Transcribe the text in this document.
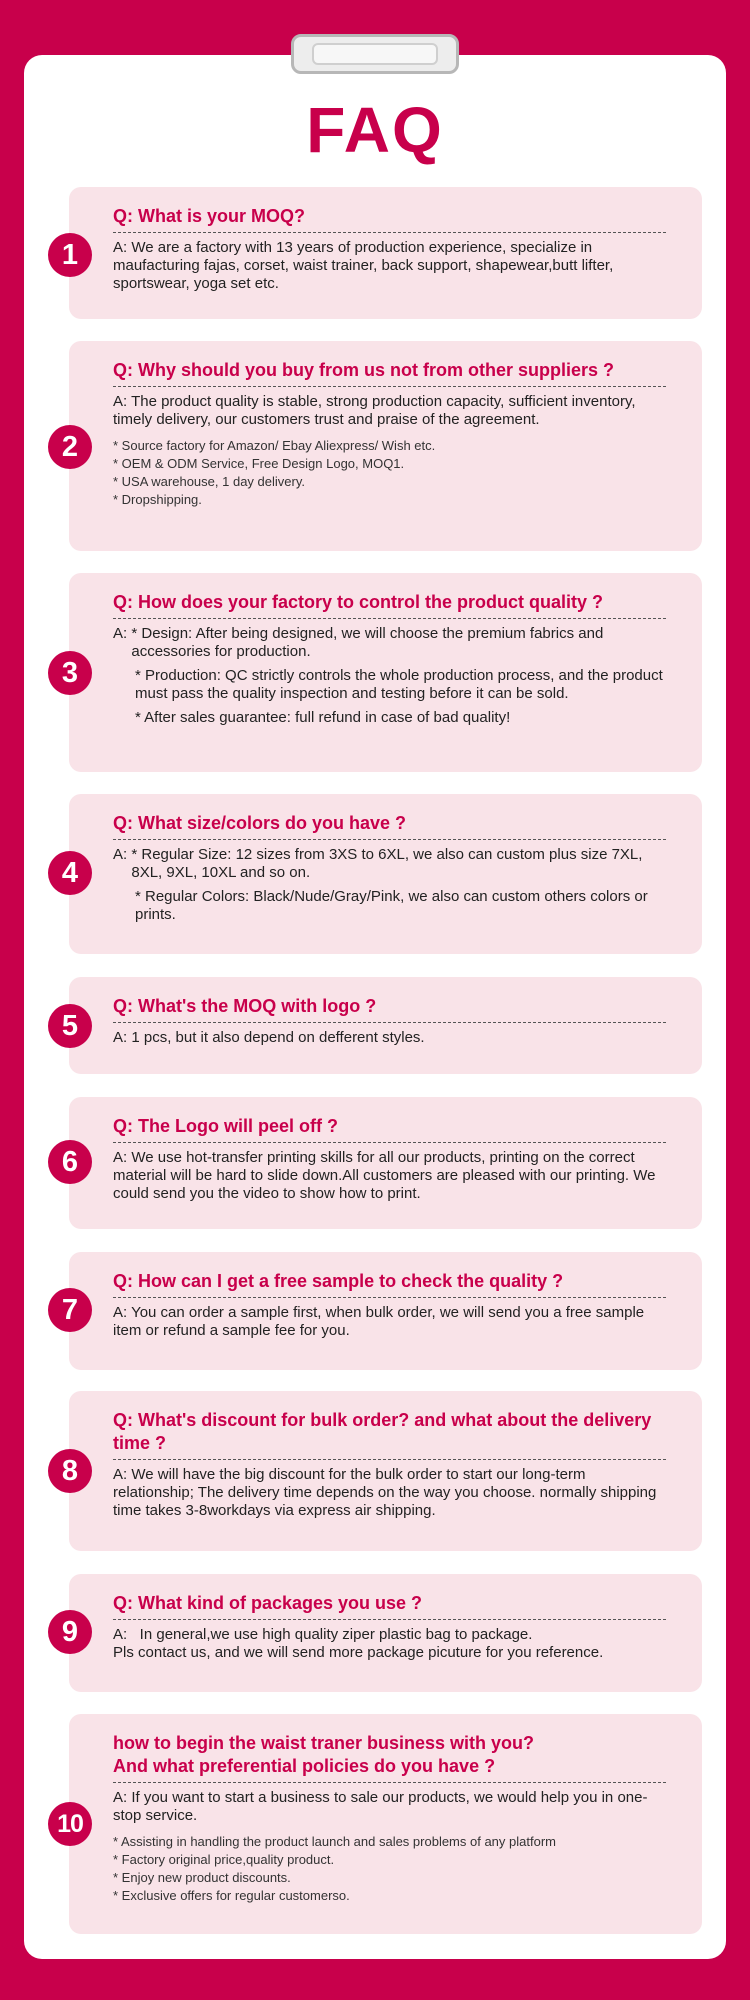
FAQ
1
Q: What is your MOQ?
A: We are a factory with 13 years of production experience, specialize in maufacturing fajas, corset, waist trainer, back support, shapewear,butt lifter, sportswear, yoga set etc.
2
Q: Why should you buy from us not from other suppliers ?
A: The product quality is stable, strong production capacity, sufficient inventory, timely delivery, our customers trust and praise of the agreement.
* Source factory for Amazon/ Ebay Aliexpress/ Wish etc.
* OEM & ODM Service, Free Design Logo, MOQ1.
* USA warehouse, 1 day delivery.
* Dropshipping.
3
Q: How does your factory to control the product quality ?
A:
* Design: After being designed, we will choose the premium fabrics and accessories for production.
* Production: QC strictly controls the whole production process, and the product must pass the quality inspection and testing before it can be sold.
* After sales guarantee: full refund in case of bad quality!
4
Q: What size/colors do you have ?
A:
* Regular Size: 12 sizes from 3XS to 6XL, we also can custom plus size 7XL, 8XL, 9XL, 10XL and so on.
* Regular Colors: Black/Nude/Gray/Pink, we also can custom others colors or prints.
5
Q: What's the MOQ with logo ?
A: 1 pcs, but it also depend on defferent styles.
6
Q: The Logo will peel off ?
A: We use hot-transfer printing skills for all our products, printing on the correct material will be hard to slide down.All customers are pleased with our printing. We could send you the video to show how to print.
7
Q: How can I get a free sample to check the quality ?
A: You can order a sample first, when bulk order, we will send you a free sample item or refund a sample fee for you.
8
Q: What's discount for bulk order? and what about the delivery time ?
A: We will have the big discount for the bulk order to start our long-term relationship; The delivery time depends on the way you choose. normally shipping time takes 3-8workdays via express air shipping.
9
Q: What kind of packages you use ?

A:   In general,we use high quality ziper plastic bag to package.

Pls contact us, and we will send more package picuture for you reference.

10
how to begin the waist traner business with you?
And what preferential policies do you have ?
A: If you want to start a business to sale our products, we would help you in one-stop service.
* Assisting in handling the product launch and sales problems of any platform
* Factory original price,quality product.
* Enjoy new product discounts.
* Exclusive offers for regular customerso.
